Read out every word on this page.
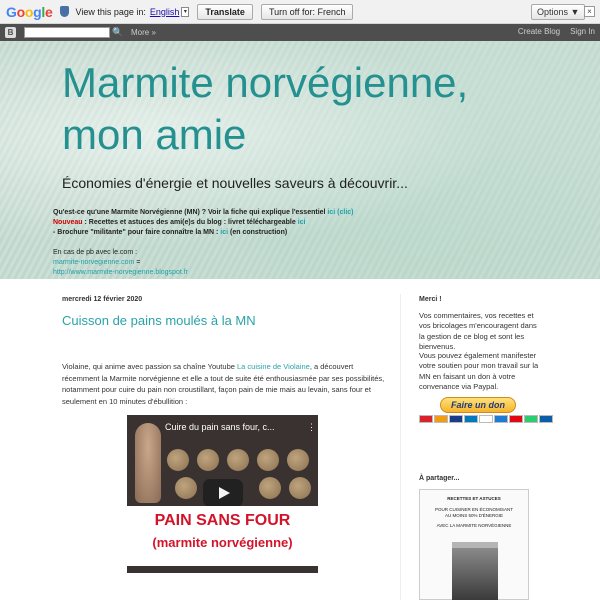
Google	View this page in: English ▾	Translate	Turn off for: French	Options ▼ ×
B	🔍 More »	Create Blog Sign In
Marmite norvégienne,
mon amie
Économies d'énergie et nouvelles saveurs à découvrir...
Qu'est-ce qu'une Marmite Norvégienne (MN) ? Voir la fiche qui explique l'essentiel ici (clic)
Nouveau : Recettes et astuces des ami(e)s du blog : livret téléchargeable ici
- Brochure "militante" pour faire connaître la MN : ici (en construction)
En cas de pb avec le.com :
marmite-norvegienne.com =
http://www.marmite-norvegienne.blogspot.fr
mercredi 12 février 2020
Cuisson de pains moulés à la MN
Violaine, qui anime avec passion sa chaîne Youtube La cuisine de Violaine, a découvert récemment la Marmite norvégienne et elle a tout de suite été enthousiasmée par ses possibilités, notamment pour cuire du pain non croustillant, façon pain de mie mais au levain, sans four et seulement en 10 minutes d'ébullition :
Cuire du pain sans four, c...	⋮
PAIN SANS FOUR
(marmite norvégienne)
Merci !
Vos commentaires, vos recettes et vos bricolages m'encouragent dans la gestion de ce blog et sont les bienvenus.
Vous pouvez également manifester votre soutien pour mon travail sur la MN en faisant un don à votre convenance via Paypal.
Faire un don
À partager...
RECETTES ET ASTUCES
POUR CUISINER EN ÉCONOMISANT
AU MOINS 50% D'ÉNERGIE
AVEC LA MARMITE NORVÉGIENNE
